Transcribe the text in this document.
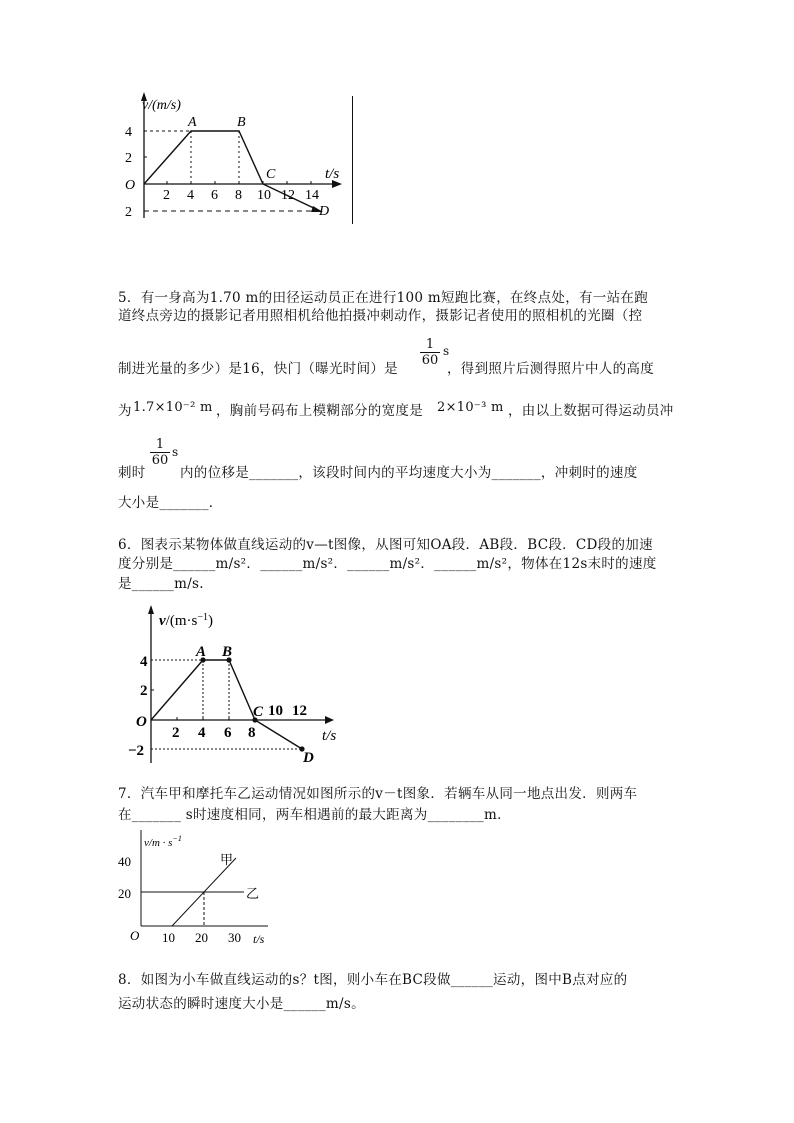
v/(m/s)
t/s
O
4
2
2
2 4 6 8 10 12 14
A	B
C
D
5．有一身高为1.70 m的田径运动员正在进行100 m短跑比赛，在终点处，有一站在跑
道终点旁边的摄影记者用照相机给他拍摄冲刺动作，摄影记者使用的照相机的光圈（控
1
60
s
制进光量的多少）是16，快门（曝光时间）是	，得到照片后测得照片中人的高度
为 1.7×10⁻² m ，胸前号码布上模糊部分的宽度是 2×10⁻³ m ，由以上数据可得运动员冲
1
60
s
刺时	内的位移是_______，该段时间内的平均速度大小为_______，冲刺时的速度
大小是_______．
6．图表示某物体做直线运动的v—t图像，从图可知OA段．AB段．BC段．CD段的加速
度分别是______m/s²．______m/s²．______m/s²．______m/s²，物体在12s末时的速度
是______m/s.
$v/(m\cdot s^{-1})$
t/s
O
4
2
−2
2 4 6 8
10 12
A B
C
D
7．汽车甲和摩托车乙运动情况如图所示的v－t图象．若辆车从同一地点出发．则两车
在_______ s时速度相同，两车相遇前的最大距离为________m．
$v/m \cdot s^{-1}$
40
20
O 10 20 30 t/s
甲
乙
8．如图为小车做直线运动的s？t图，则小车在BC段做______运动，图中B点对应的
运动状态的瞬时速度大小是______m/s。
